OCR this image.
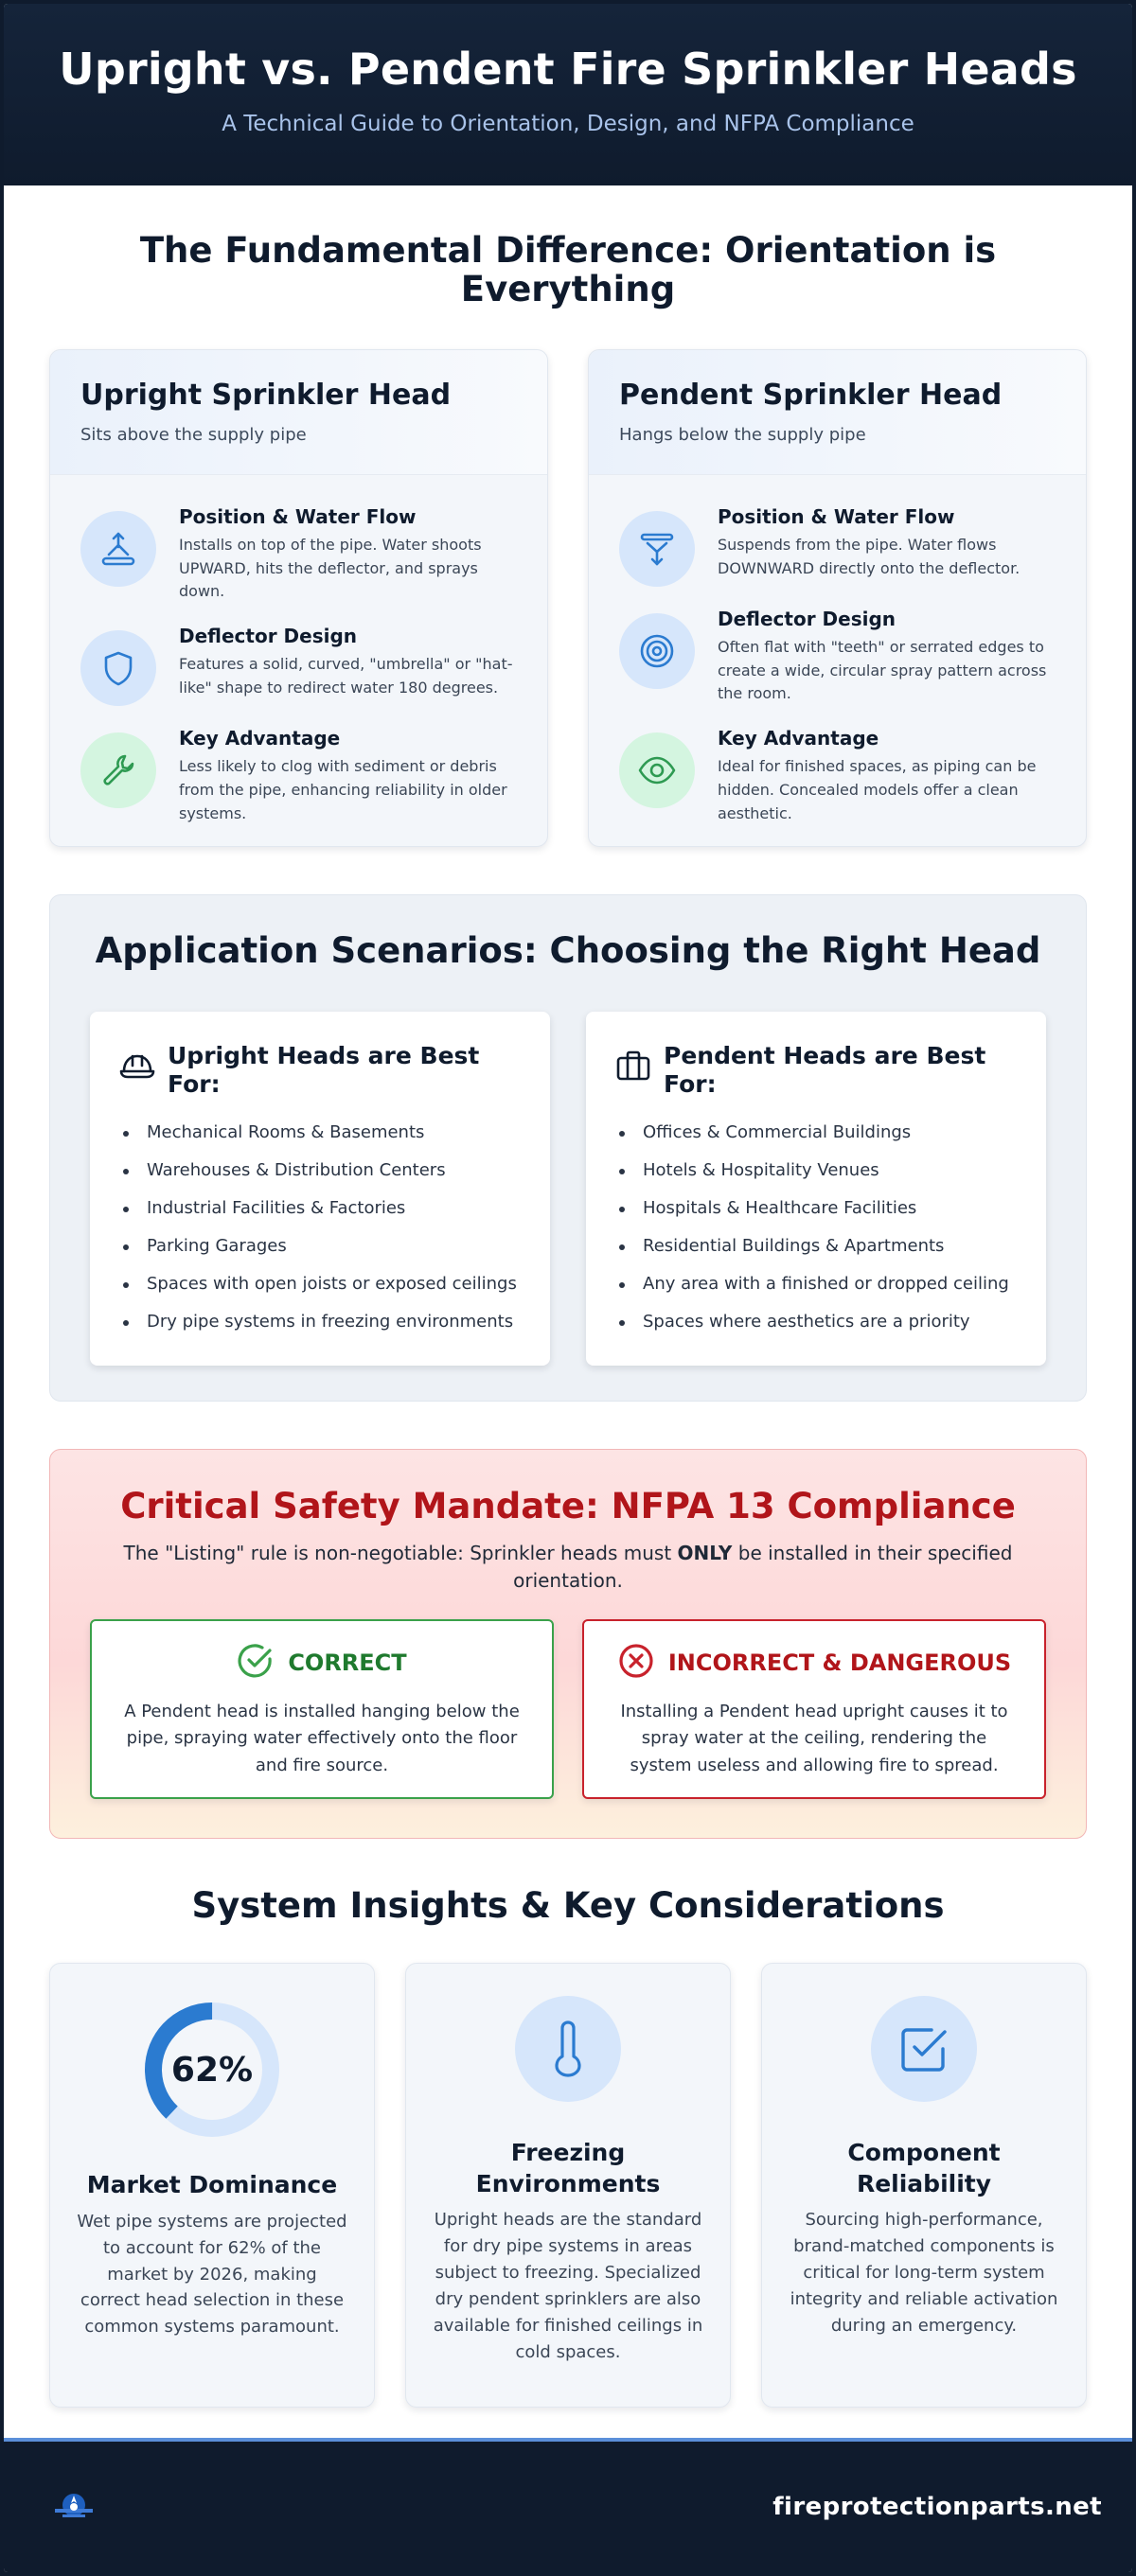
Upright vs. Pendent Fire Sprinkler Heads

A Technical Guide to Orientation, Design, and NFPA Compliance

The Fundamental Difference: Orientation is Everything
Upright Sprinkler Head

Sits above the supply pipe

Position & Water Flow

Installs on top of the pipe. Water shoots UPWARD, hits the deflector, and sprays down.

Deflector Design

Features a solid, curved, "umbrella" or "hat-like" shape to redirect water 180 degrees.

Key Advantage

Less likely to clog with sediment or debris from the pipe, enhancing reliability in older systems.

Pendent Sprinkler Head

Hangs below the supply pipe

Position & Water Flow

Suspends from the pipe. Water flows DOWNWARD directly onto the deflector.

Deflector Design

Often flat with "teeth" or serrated edges to create a wide, circular spray pattern across the room.

Key Advantage

Ideal for finished spaces, as piping can be hidden. Concealed models offer a clean aesthetic.

Application Scenarios: Choosing the Right Head
Upright Heads are Best For:
Mechanical Rooms & Basements
Warehouses & Distribution Centers
Industrial Facilities & Factories
Parking Garages
Spaces with open joists or exposed ceilings
Dry pipe systems in freezing environments
Pendent Heads are Best For:
Offices & Commercial Buildings
Hotels & Hospitality Venues
Hospitals & Healthcare Facilities
Residential Buildings & Apartments
Any area with a finished or dropped ceiling
Spaces where aesthetics are a priority
Critical Safety Mandate: NFPA 13 Compliance

The "Listing" rule is non-negotiable: Sprinkler heads must ONLY be installed in their specified orientation.

CORRECT

A Pendent head is installed hanging below the pipe, spraying water effectively onto the floor and fire source.

INCORRECT & DANGEROUS

Installing a Pendent head upright causes it to spray water at the ceiling, rendering the system useless and allowing fire to spread.

System Insights & Key Considerations
62%
Market Dominance

Wet pipe systems are projected to account for 62% of the market by 2026, making correct head selection in these common systems paramount.

Freezing Environments

Upright heads are the standard for dry pipe systems in areas subject to freezing. Specialized dry pendent sprinklers are also available for finished ceilings in cold spaces.

Component Reliability

Sourcing high-performance, brand-matched components is critical for long-term system integrity and reliable activation during an emergency.

fireprotectionparts.net
